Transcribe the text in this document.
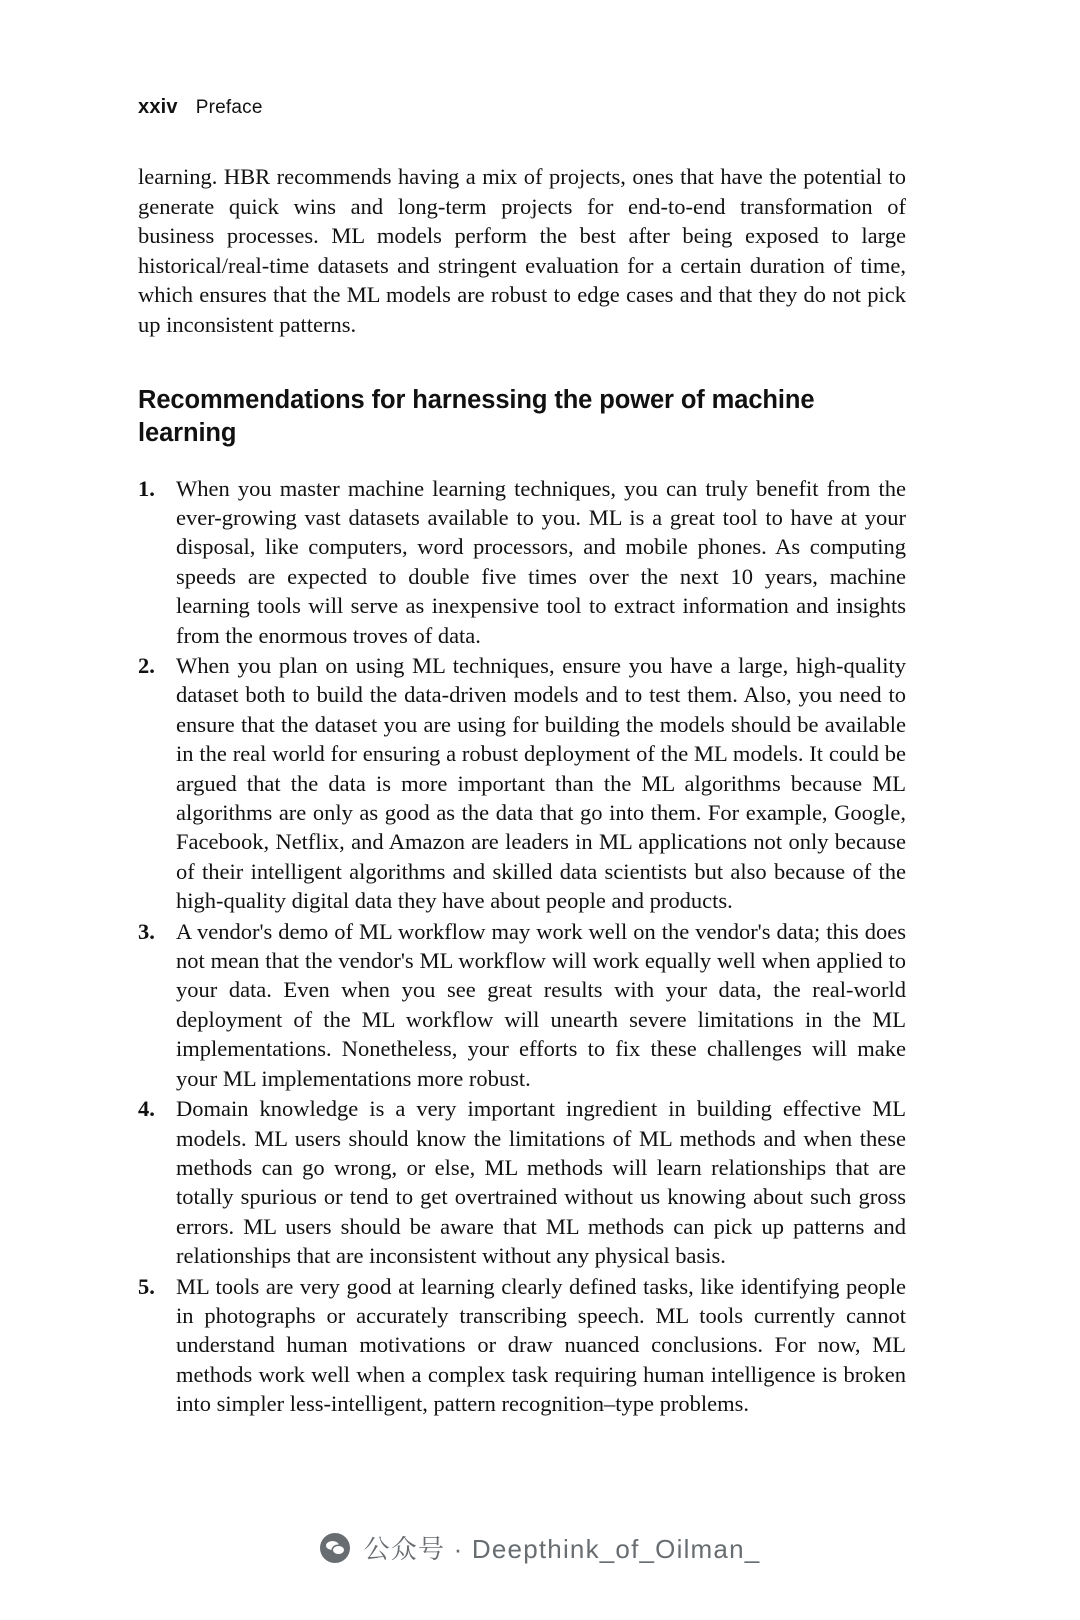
xxiv Preface

learning. HBR recommends having a mix of projects, ones that have the potential to generate quick wins and long-term projects for end-to-end transformation of business processes. ML models perform the best after being exposed to large historical/real-time datasets and stringent evaluation for a certain duration of time, which ensures that the ML models are robust to edge cases and that they do not pick up inconsistent patterns.

Recommendations for harnessing the power of machine learning
1. When you master machine learning techniques, you can truly benefit from the ever-growing vast datasets available to you. ML is a great tool to have at your disposal, like computers, word processors, and mobile phones. As computing speeds are expected to double five times over the next 10 years, machine learning tools will serve as inexpensive tool to extract information and insights from the enormous troves of data.
2. When you plan on using ML techniques, ensure you have a large, high-quality dataset both to build the data-driven models and to test them. Also, you need to ensure that the dataset you are using for building the models should be available in the real world for ensuring a robust deployment of the ML models. It could be argued that the data is more important than the ML algorithms because ML algorithms are only as good as the data that go into them. For example, Google, Facebook, Netflix, and Amazon are leaders in ML applications not only because of their intelligent algorithms and skilled data scientists but also because of the high-quality digital data they have about people and products.
3. A vendor's demo of ML workflow may work well on the vendor's data; this does not mean that the vendor's ML workflow will work equally well when applied to your data. Even when you see great results with your data, the real-world deployment of the ML workflow will unearth severe limitations in the ML implementations. Nonetheless, your efforts to fix these challenges will make your ML implementations more robust.
4. Domain knowledge is a very important ingredient in building effective ML models. ML users should know the limitations of ML methods and when these methods can go wrong, or else, ML methods will learn relationships that are totally spurious or tend to get overtrained without us knowing about such gross errors. ML users should be aware that ML methods can pick up patterns and relationships that are inconsistent without any physical basis.
5. ML tools are very good at learning clearly defined tasks, like identifying people in photographs or accurately transcribing speech. ML tools currently cannot understand human motivations or draw nuanced conclusions. For now, ML methods work well when a complex task requiring human intelligence is broken into simpler less-intelligent, pattern recognition–type problems.
公众号 · Deepthink_of_Oilman_
